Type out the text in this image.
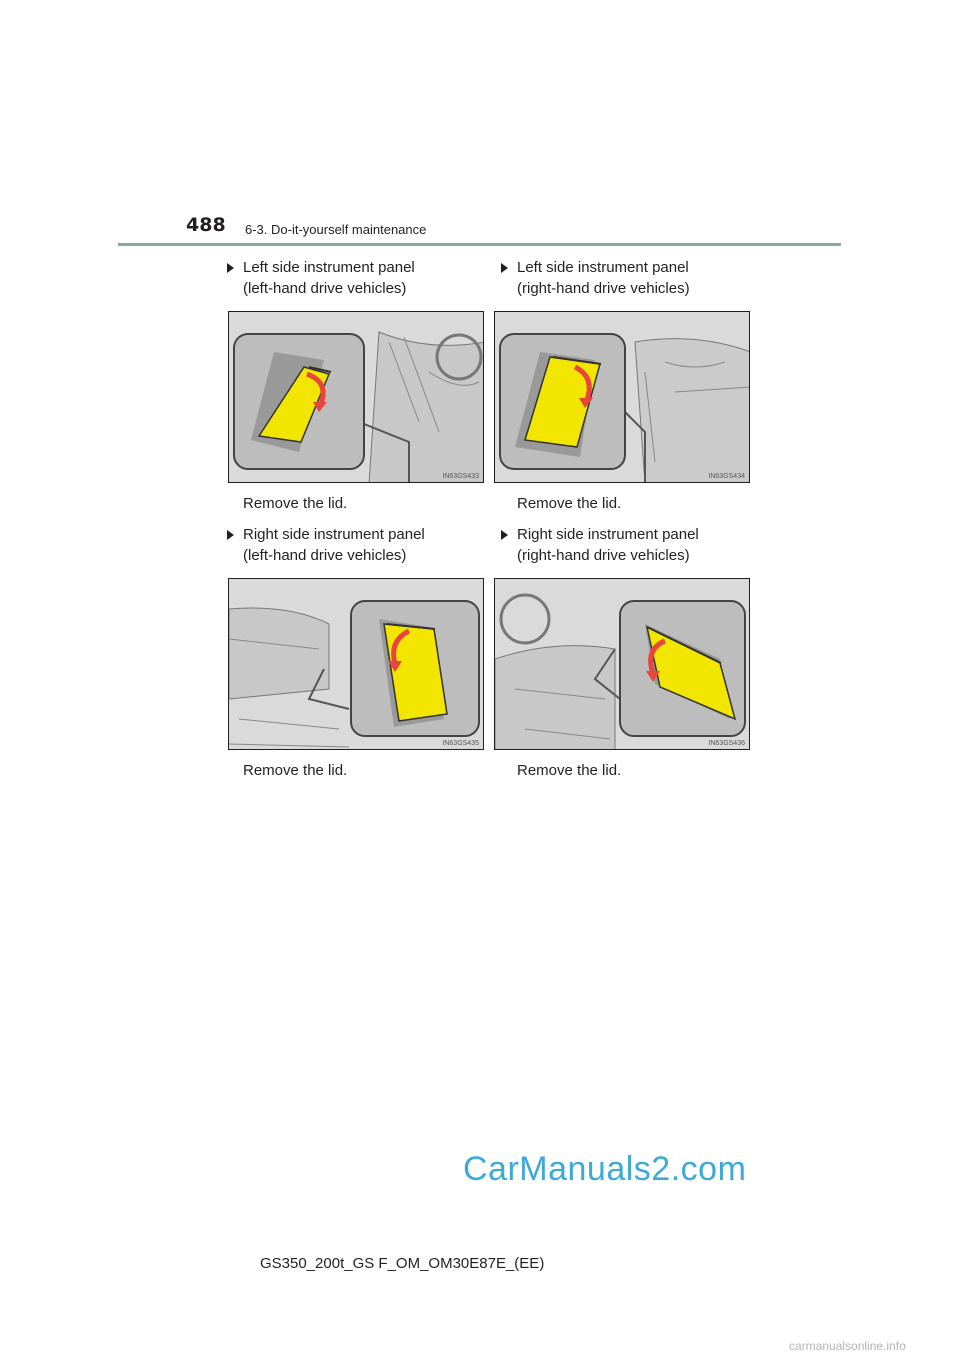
488 6-3. Do-it-yourself maintenance
Left side instrument panel
(left-hand drive vehicles)
IN63GS433
Remove the lid.
Left side instrument panel
(right-hand drive vehicles)
IN63GS434
Remove the lid.
Right side instrument panel
(left-hand drive vehicles)
IN63GS435
Remove the lid.
Right side instrument panel
(right-hand drive vehicles)
IN63GS436
Remove the lid.
CarManuals2.com
GS350_200t_GS F_OM_OM30E87E_(EE)
carmanualsonline.info
